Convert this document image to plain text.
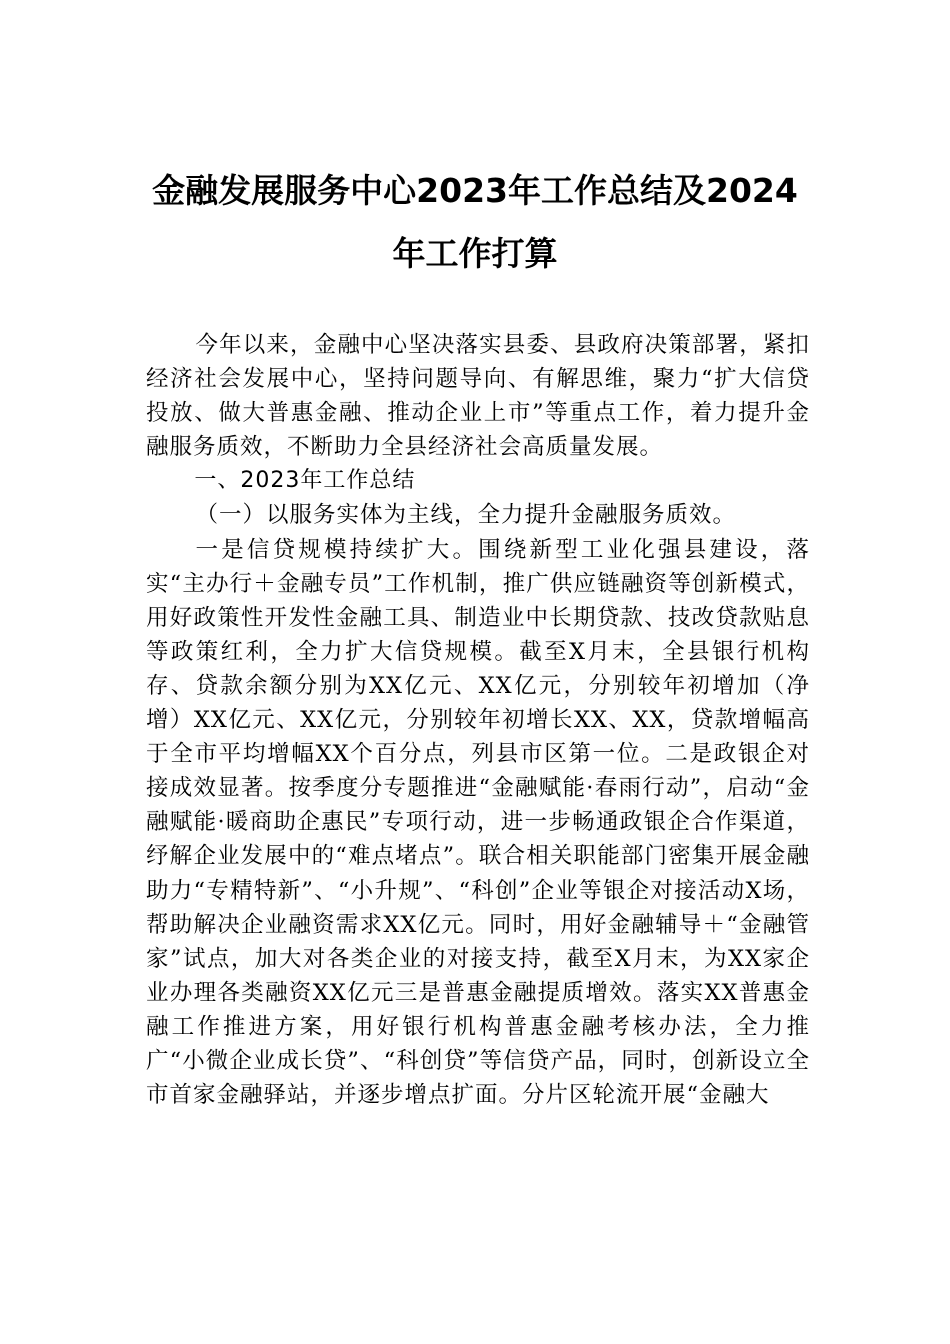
金融发展服务中心2023年工作总结及2024
年工作打算

今年以来，金融中心坚决落实县委、县政府决策部署，紧扣经济社会发展中心，坚持问题导向、有解思维，聚力“扩大信贷投放、做大普惠金融、推动企业上市”等重点工作，着力提升金融服务质效，不断助力全县经济社会高质量发展。

一、2023年工作总结

（一）以服务实体为主线，全力提升金融服务质效。

一是信贷规模持续扩大。围绕新型工业化强县建设，落实“主办行＋金融专员”工作机制，推广供应链融资等创新模式，用好政策性开发性金融工具、制造业中长期贷款、技改贷款贴息等政策红利，全力扩大信贷规模。截至X月末，全县银行机构存、贷款余额分别为XX亿元、XX亿元，分别较年初增加（净增）XX亿元、XX亿元，分别较年初增长XX、XX，贷款增幅高于全市平均增幅XX个百分点，列县市区第一位。二是政银企对接成效显著。按季度分专题推进“金融赋能·春雨行动”，启动“金融赋能·暖商助企惠民”专项行动，进一步畅通政银企合作渠道，纾解企业发展中的“难点堵点”。联合相关职能部门密集开展金融助力“专精特新”、“小升规”、“科创”企业等银企对接活动X场，帮助解决企业融资需求XX亿元。同时，用好金融辅导＋“金融管家”试点，加大对各类企业的对接支持，截至X月末，为XX家企业办理各类融资XX亿元三是普惠金融提质增效。落实XX普惠金融工作推进方案，用好银行机构普惠金融考核办法，全力推广“小微企业成长贷”、“科创贷”等信贷产品，同时，创新设立全市首家金融驿站，并逐步增点扩面。分片区轮流开展“金融大
